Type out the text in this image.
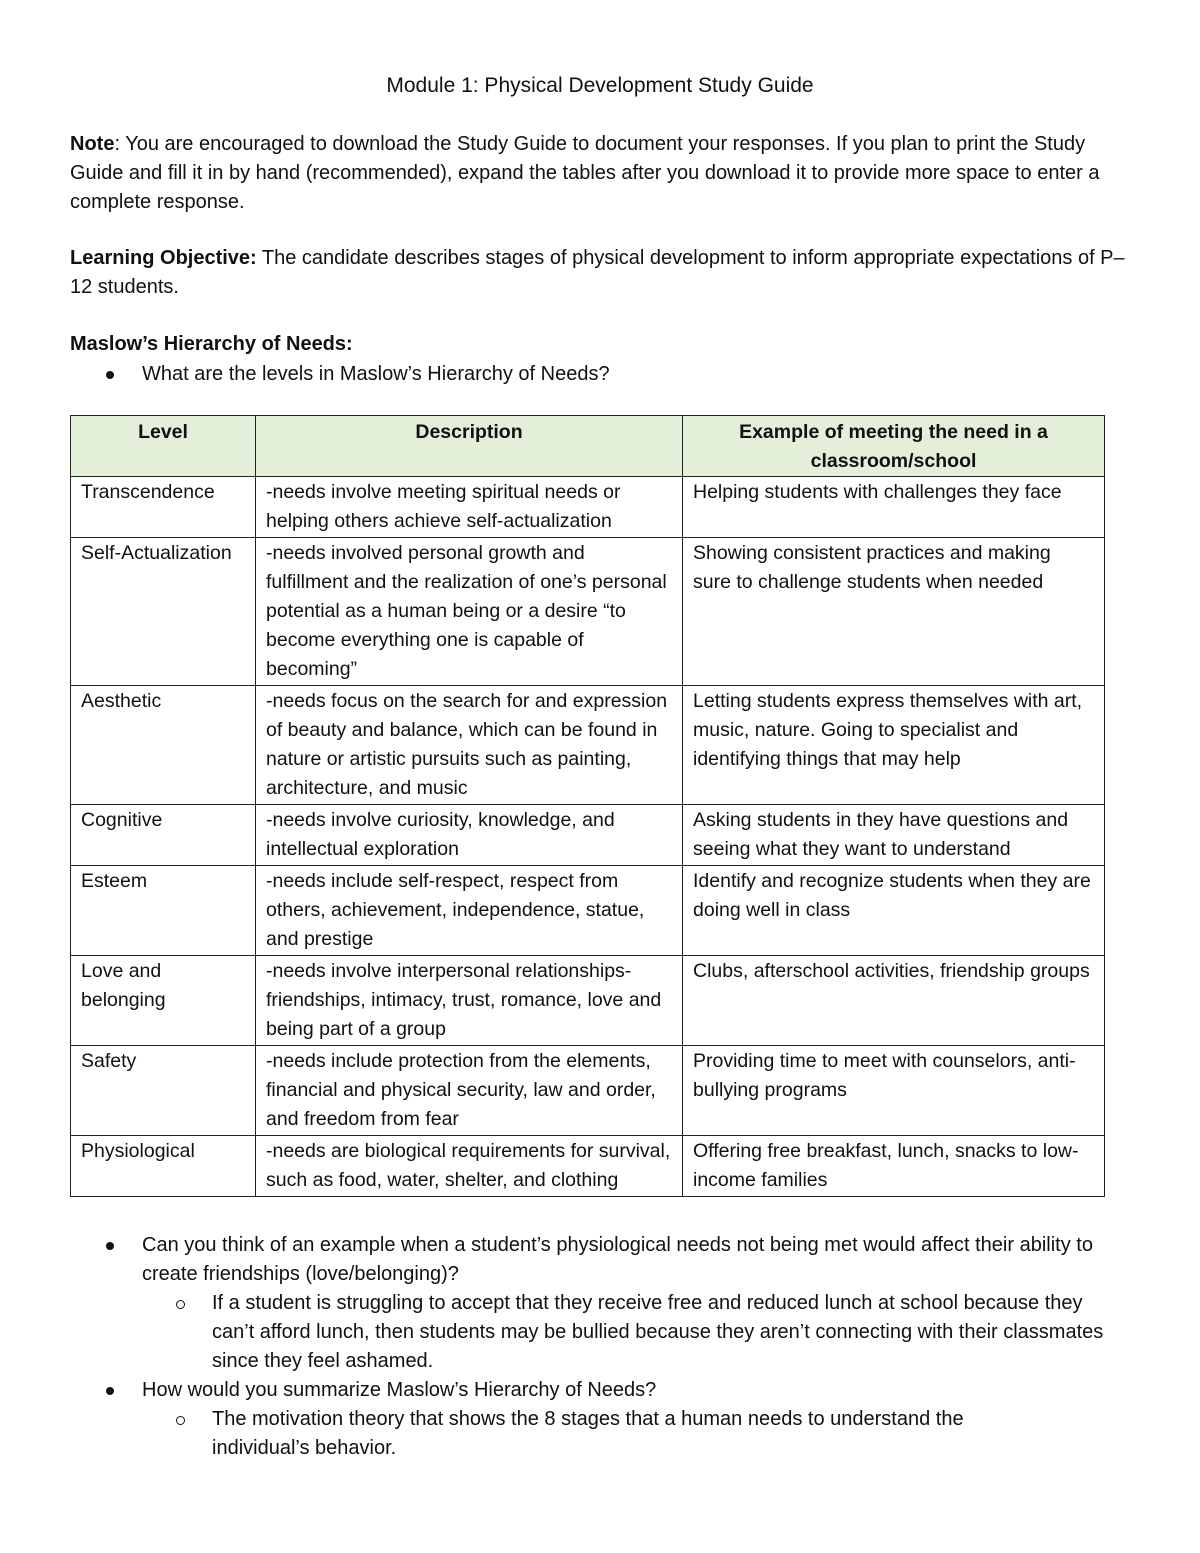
Module 1: Physical Development Study Guide

Note: You are encouraged to download the Study Guide to document your responses. If you plan to print the Study Guide and fill it in by hand (recommended), expand the tables after you download it to provide more space to enter a complete response.

Learning Objective: The candidate describes stages of physical development to inform appropriate expectations of P–12 students.

Maslow’s Hierarchy of Needs:

What are the levels in Maslow’s Hierarchy of Needs?
Level	Description	Example of meeting the need in a classroom/school
Transcendence	-needs involve meeting spiritual needs or helping others achieve self-actualization	Helping students with challenges they face
Self-Actualization	-needs involved personal growth and fulfillment and the realization of one’s personal potential as a human being or a desire “to become everything one is capable of becoming”	Showing consistent practices and making sure to challenge students when needed
Aesthetic	-needs focus on the search for and expression of beauty and balance, which can be found in nature or artistic pursuits such as painting, architecture, and music	Letting students express themselves with art, music, nature. Going to specialist and identifying things that may help
Cognitive	-needs involve curiosity, knowledge, and intellectual exploration	Asking students in they have questions and seeing what they want to understand
Esteem	-needs include self-respect, respect from others, achievement, independence, statue, and prestige	Identify and recognize students when they are doing well in class
Love and belonging	-needs involve interpersonal relationships- friendships, intimacy, trust, romance, love and being part of a group	Clubs, afterschool activities, friendship groups
Safety	-needs include protection from the elements, financial and physical security, law and order, and freedom from fear	Providing time to meet with counselors, anti-bullying programs
Physiological	-needs are biological requirements for survival, such as food, water, shelter, and clothing	Offering free breakfast, lunch, snacks to low-income families
Can you think of an example when a student’s physiological needs not being met would affect their ability to create friendships (love/belonging)?
If a student is struggling to accept that they receive free and reduced lunch at school because they can’t afford lunch, then students may be bullied because they aren’t connecting with their classmates since they feel ashamed.
How would you summarize Maslow’s Hierarchy of Needs?
The motivation theory that shows the 8 stages that a human needs to understand the individual’s behavior.
